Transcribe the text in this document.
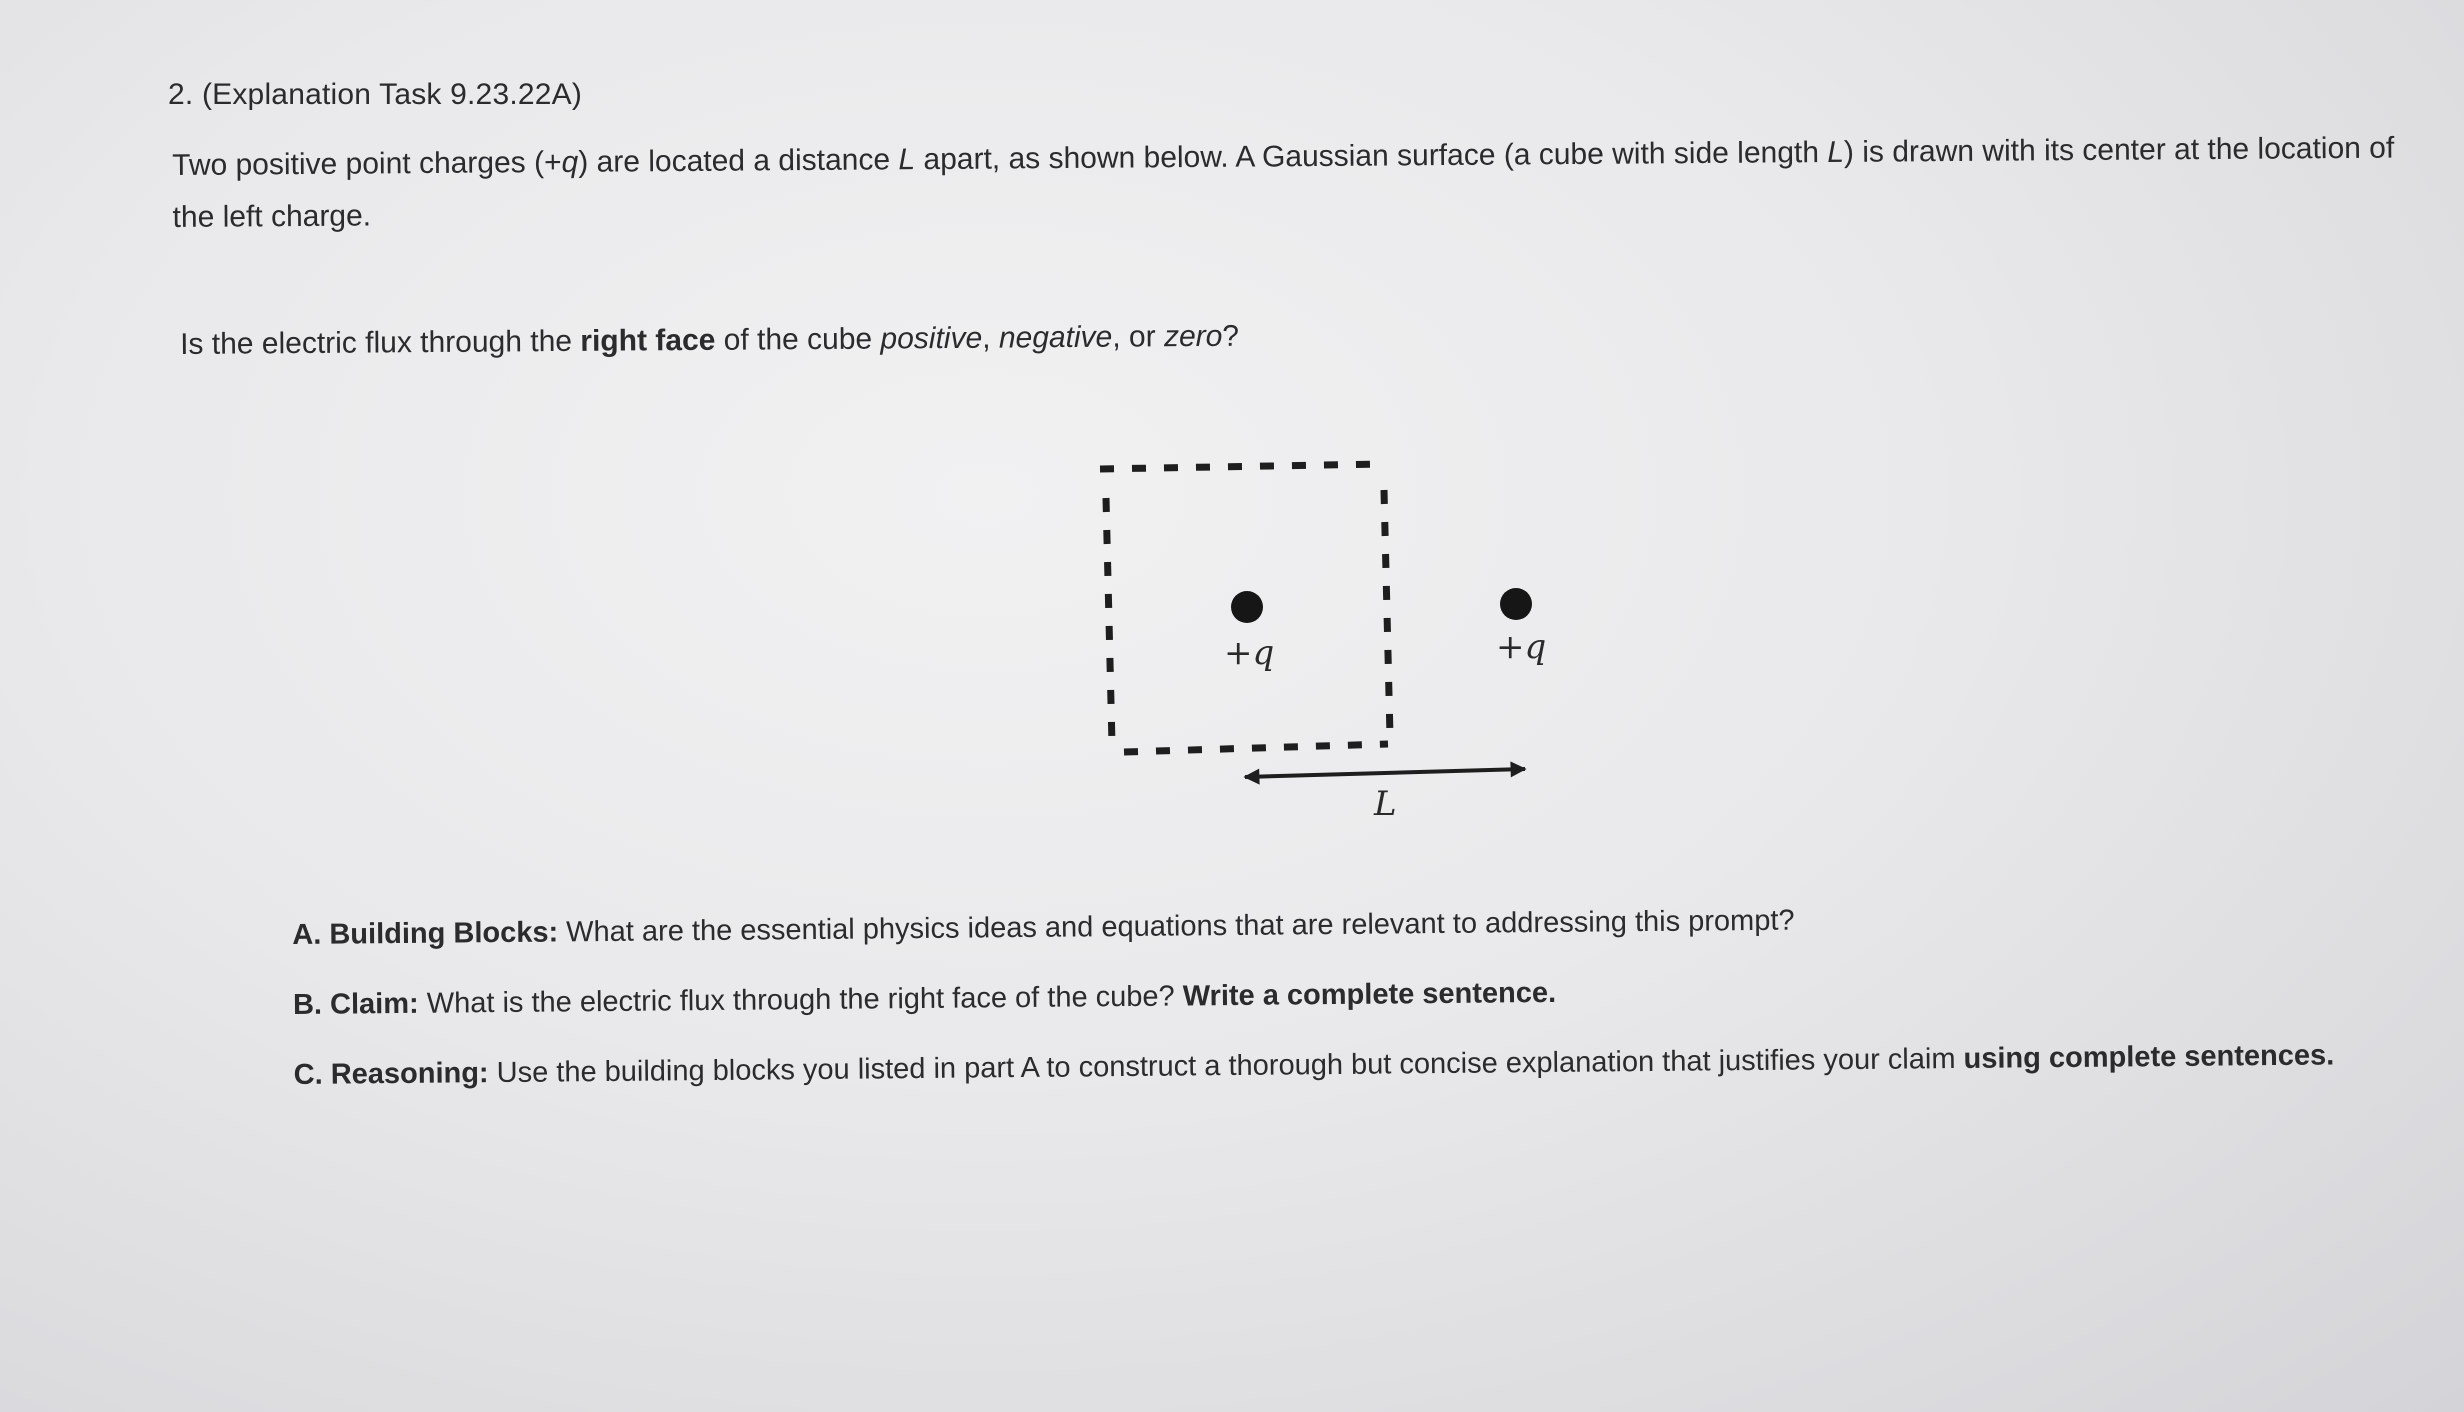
2. (Explanation Task 9.23.22A)
Two positive point charges (+q) are located a distance L apart, as shown below. A Gaussian surface (a cube with side length L) is drawn with its center at the location of the left charge.
Is the electric flux through the right face of the cube positive, negative, or zero?
+q	+q
L
A. Building Blocks: What are the essential physics ideas and equations that are relevant to addressing this prompt?
B. Claim: What is the electric flux through the right face of the cube? Write a complete sentence.
C. Reasoning: Use the building blocks you listed in part A to construct a thorough but concise explanation that justifies your claim using complete sentences.
